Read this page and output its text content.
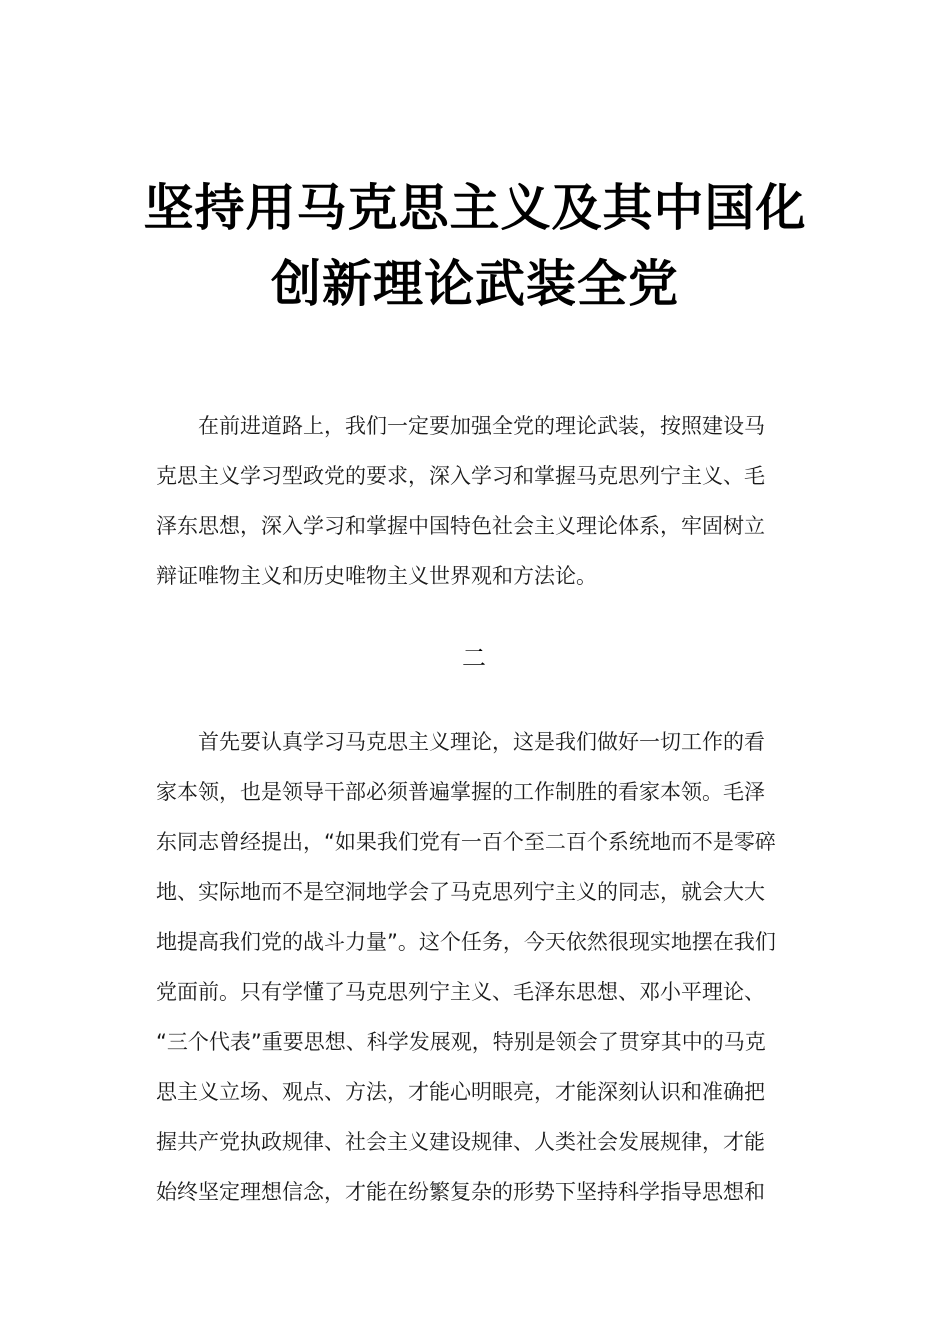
坚持用马克思主义及其中国化
创新理论武装全党
在前进道路上，我们一定要加强全党的理论武装，按照建设马
克思主义学习型政党的要求，深入学习和掌握马克思列宁主义、毛
泽东思想，深入学习和掌握中国特色社会主义理论体系，牢固树立
辩证唯物主义和历史唯物主义世界观和方法论。
二
首先要认真学习马克思主义理论，这是我们做好一切工作的看
家本领，也是领导干部必须普遍掌握的工作制胜的看家本领。毛泽
东同志曾经提出，“如果我们党有一百个至二百个系统地而不是零碎
地、实际地而不是空洞地学会了马克思列宁主义的同志，就会大大
地提高我们党的战斗力量”。这个任务，今天依然很现实地摆在我们
党面前。只有学懂了马克思列宁主义、毛泽东思想、邓小平理论、
“三个代表”重要思想、科学发展观，特别是领会了贯穿其中的马克
思主义立场、观点、方法，才能心明眼亮，才能深刻认识和准确把
握共产党执政规律、社会主义建设规律、人类社会发展规律，才能
始终坚定理想信念，才能在纷繁复杂的形势下坚持科学指导思想和
